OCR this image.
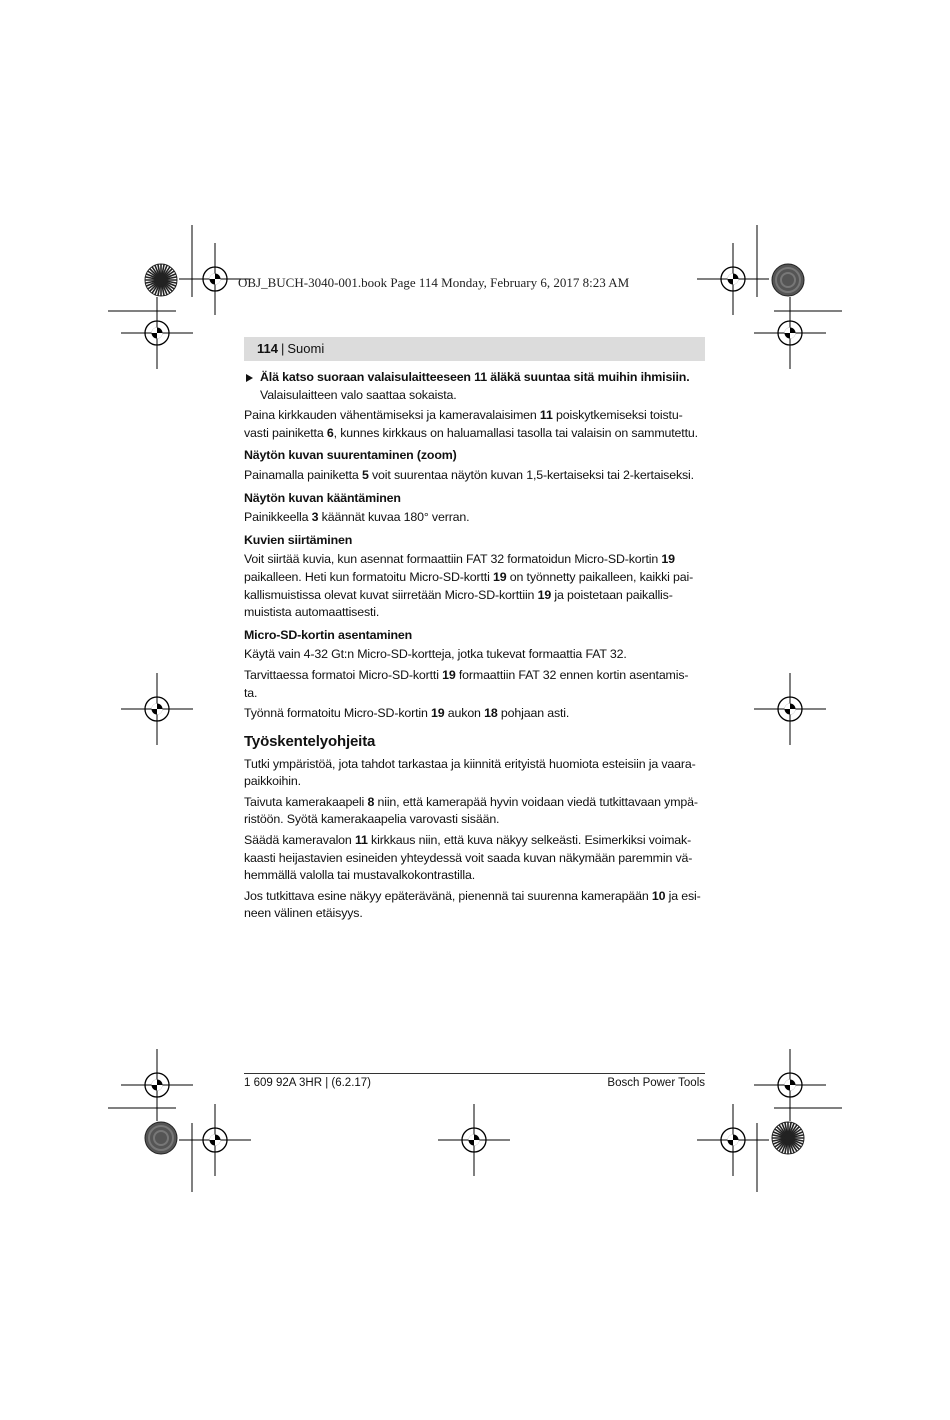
OBJ_BUCH-3040-001.book Page 114 Monday, February 6, 2017 8:23 AM
114 | Suomi
Älä katso suoraan valaisulaitteeseen 11 äläkä suuntaa sitä muihin ihmisiin.
Valaisulaitteen valo saattaa sokaista.

Paina kirkkauden vähentämiseksi ja kameravalaisimen 11 poiskytkemiseksi toistu-
vasti painiketta 6, kunnes kirkkaus on haluamallasi tasolla tai valaisin on sammutettu.

Näytön kuvan suurentaminen (zoom)

Painamalla painiketta 5 voit suurentaa näytön kuvan 1,5-kertaiseksi tai 2-kertaiseksi.

Näytön kuvan kääntäminen

Painikkeella 3 käännät kuvaa 180° verran.

Kuvien siirtäminen

Voit siirtää kuvia, kun asennat formaattiin FAT 32 formatoidun Micro-SD-kortin 19
paikalleen. Heti kun formatoitu Micro-SD-kortti 19 on työnnetty paikalleen, kaikki pai-
kallismuistissa olevat kuvat siirretään Micro-SD-korttiin 19 ja poistetaan paikallis-
muistista automaattisesti.

Micro-SD-kortin asentaminen

Käytä vain 4-32 Gt:n Micro-SD-kortteja, jotka tukevat formaattia FAT 32.

Tarvittaessa formatoi Micro-SD-kortti 19 formaattiin FAT 32 ennen kortin asentamis-
ta.

Työnnä formatoitu Micro-SD-kortin 19 aukon 18 pohjaan asti.

Työskentelyohjeita

Tutki ympäristöä, jota tahdot tarkastaa ja kiinnitä erityistä huomiota esteisiin ja vaara-
paikkoihin.

Taivuta kamerakaapeli 8 niin, että kamerapää hyvin voidaan viedä tutkittavaan ympä-
ristöön. Syötä kamerakaapelia varovasti sisään.

Säädä kameravalon 11 kirkkaus niin, että kuva näkyy selkeästi. Esimerkiksi voimak-
kaasti heijastavien esineiden yhteydessä voit saada kuvan näkymään paremmin vä-
hemmällä valolla tai mustavalkokontrastilla.

Jos tutkittava esine näkyy epäterävänä, pienennä tai suurenna kamerapään 10 ja esi-
neen välinen etäisyys.

1 609 92A 3HR | (6.2.17)	Bosch Power Tools
